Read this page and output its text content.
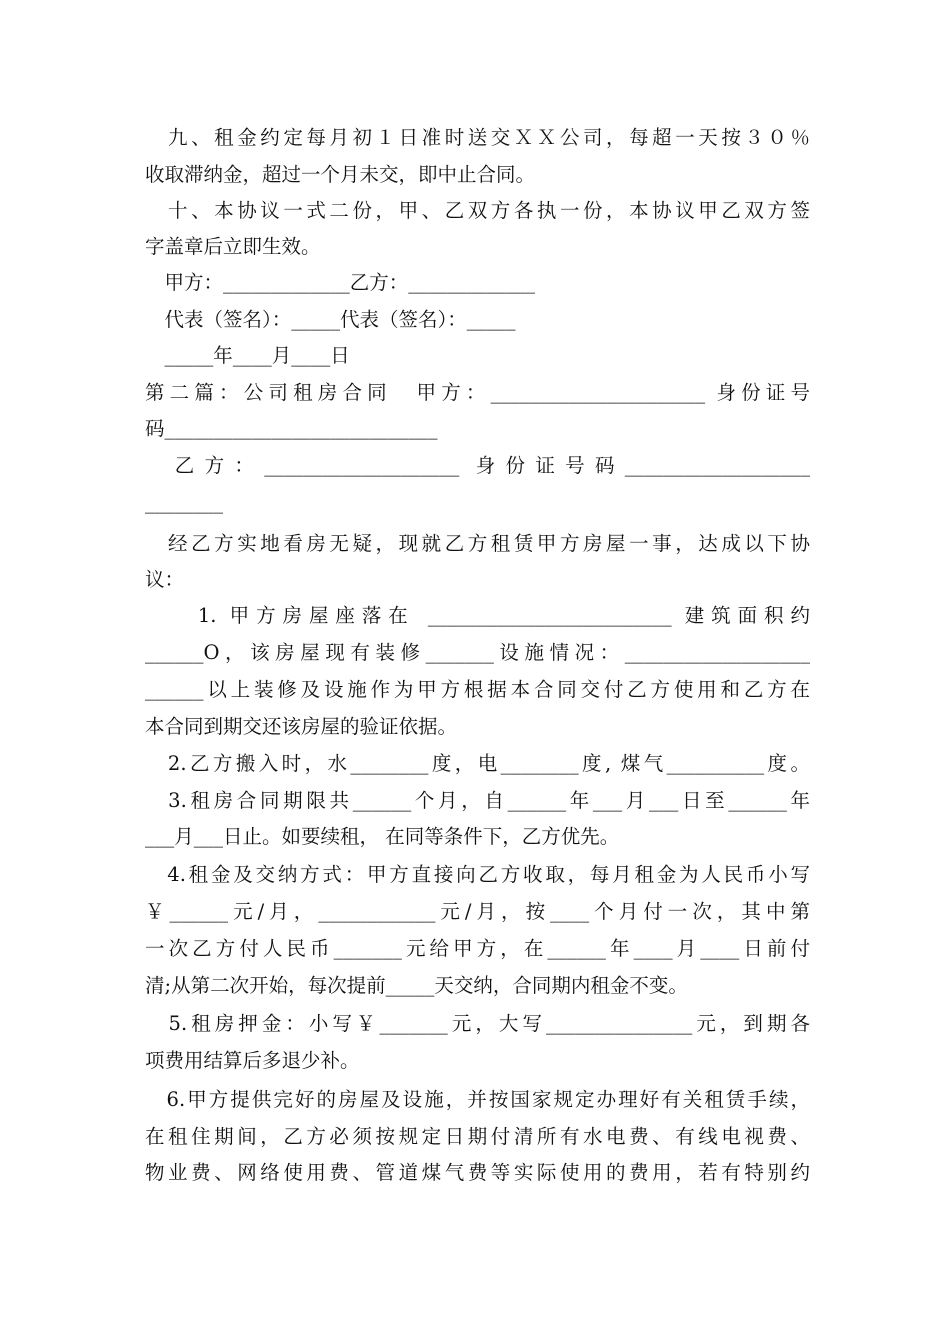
　九、租金约定每月初１日准时送交ＸＸ公司，每超一天按３０％
收取滞纳金，超过一个月未交，即中止合同。
　十、本协议一式二份，甲、乙双方各执一份，本协议甲乙双方签
字盖章后立即生效。
　甲方：_____________乙方：_____________
　代表（签名）：_____代表（签名）：_____
　_____年____月____日
第二篇：公司租房合同　甲方：______________________ 身份证号
码____________________________
　乙方：____________________ 身份证号码___________________
________
　经乙方实地看房无疑，现就乙方租赁甲方房屋一事，达成以下协
议：
　　1. 甲方房屋座落在 _________________________ 建筑面积约
______O，该房屋现有装修_______设施情况：___________________
______以上装修及设施作为甲方根据本合同交付乙方使用和乙方在
本合同到期交还该房屋的验证依据。
　2.乙方搬入时，水________度，电________度, 煤气__________度。
　3.租房合同期限共______个月，自______年___月___日至______年
___月___日止。如要续租， 在同等条件下，乙方优先。
　4.租金及交纳方式：甲方直接向乙方收取，每月租金为人民币小写
￥______元/月，____________元/月，按____个月付一次，其中第
一次乙方付人民币_______元给甲方，在______年____月____日前付
清;从第二次开始，每次提前_____天交纳，合同期内租金不变。
　5.租房押金：小写￥_______元，大写_______________元，到期各
项费用结算后多退少补。
　6.甲方提供完好的房屋及设施，并按国家规定办理好有关租赁手续，
在租住期间，乙方必须按规定日期付清所有水电费、有线电视费、
物业费、网络使用费、管道煤气费等实际使用的费用，若有特别约
